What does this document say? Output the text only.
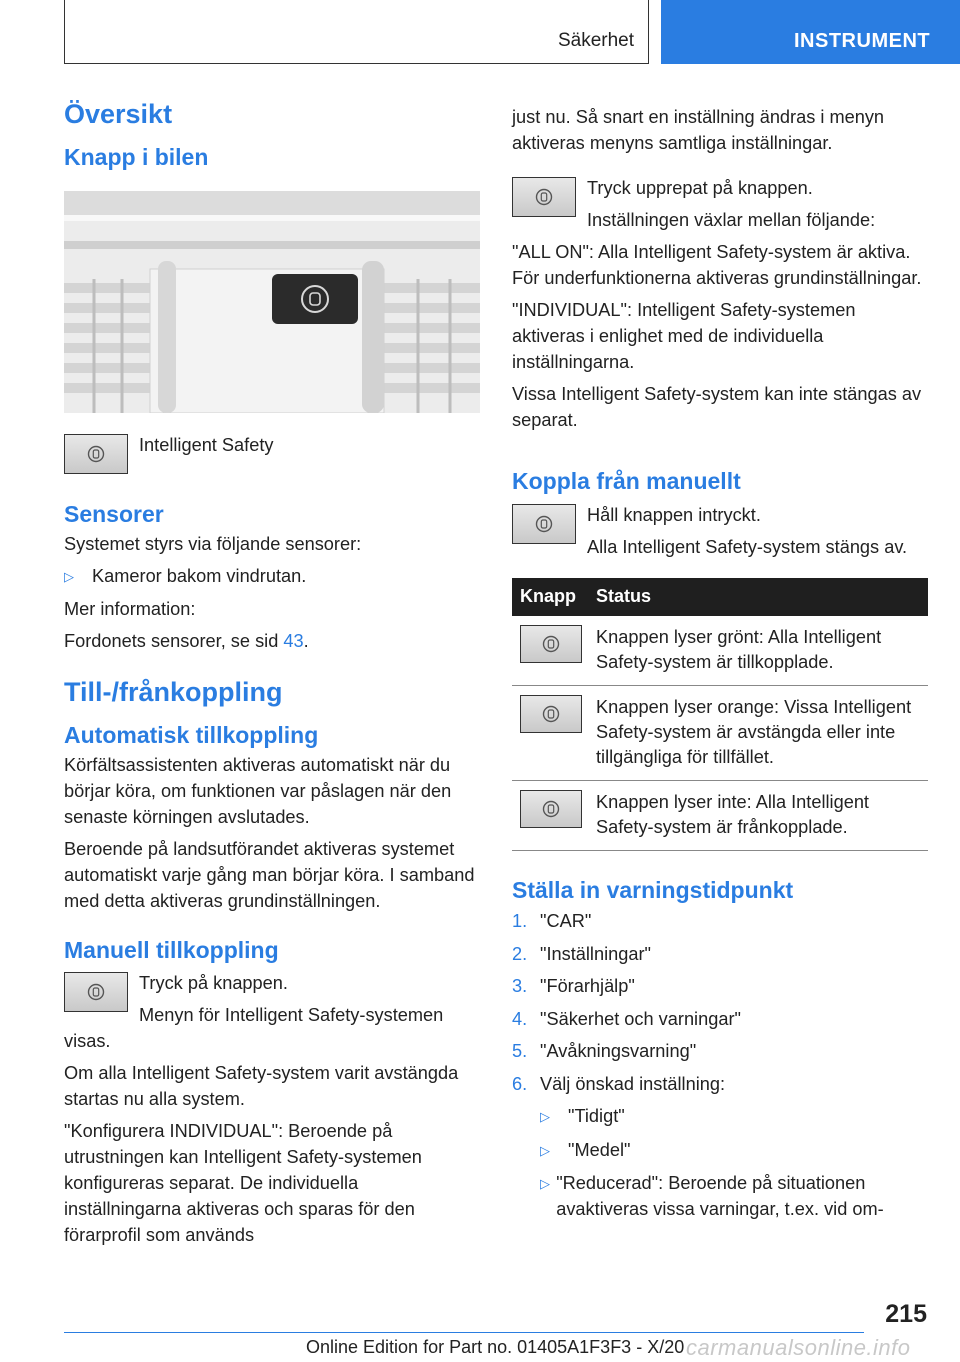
Säkerhet	INSTRUMENT
Översikt
Knapp i bilen
Intelligent Safety
Sensorer
Systemet styrs via följande sensorer:
▷ Kameror bakom vindrutan.
Mer information:
Fordonets sensorer, se sid 43.
Till-/frånkoppling
Automatisk tillkoppling
Körfältsassistenten aktiveras automatiskt när du börjar köra, om funktionen var påslagen när den senaste körningen avslutades.
Beroende på landsutförandet aktiveras systemet automatiskt varje gång man börjar köra. I samband med detta aktiveras grundinställningen.
Manuell tillkoppling
Tryck på knappen.
Menyn för Intelligent Safety-systemen visas.
Om alla Intelligent Safety-system varit avstängda startas nu alla system.
"Konfigurera INDIVIDUAL": Beroende på utrustningen kan Intelligent Safety-systemen konfigureras separat. De individuella inställningarna aktiveras och sparas för den förarprofil som används
just nu. Så snart en inställning ändras i menyn aktiveras menyns samtliga inställningar.
Tryck upprepat på knappen.
Inställningen växlar mellan följande:
"ALL ON": Alla Intelligent Safety-system är aktiva. För underfunktionerna aktiveras grundinställningar.
"INDIVIDUAL": Intelligent Safety-systemen aktiveras i enlighet med de individuella inställningarna.
Vissa Intelligent Safety-system kan inte stängas av separat.
Koppla från manuellt
Håll knappen intryckt.
Alla Intelligent Safety-system stängs av.
Knapp	Status

	Knappen lyser grönt: Alla Intelligent Safety-system är tillkopplade.

	Knappen lyser orange: Vissa Intelligent Safety-system är avstängda eller inte tillgängliga för tillfället.

	Knappen lyser inte: Alla Intelligent Safety-system är frånkopplade.
Ställa in varningstidpunkt
1. "CAR"
2. "Inställningar"
3. "Förarhjälp"
4. "Säkerhet och varningar"
5. "Avåkningsvarning"
6. Välj önskad inställning:
▷ "Tidigt"
▷ "Medel"
▷ "Reducerad": Beroende på situationen avaktiveras vissa varningar, t.ex. vid om-
215
Online Edition for Part no. 01405A1F3F3 - X/20 carmanualsonline.info
